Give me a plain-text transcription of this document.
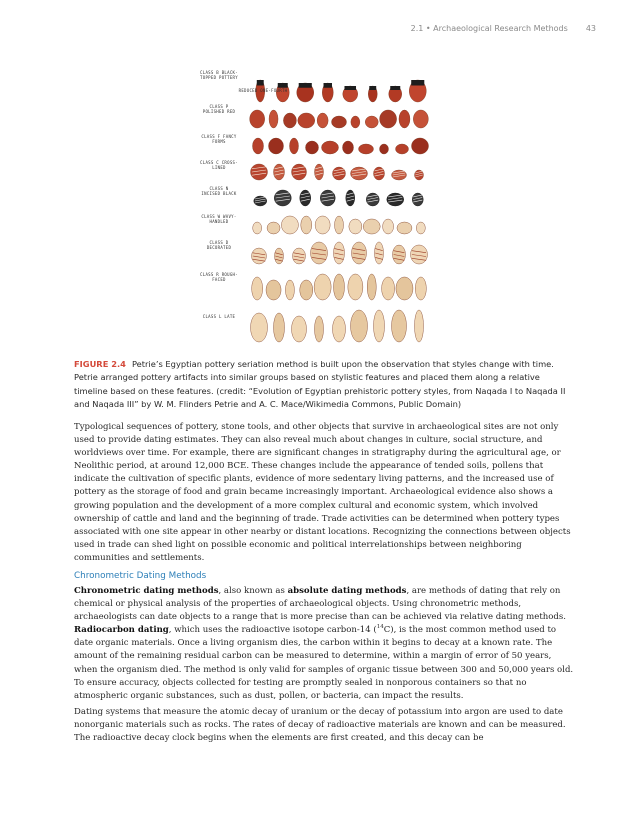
2.1 • Archaeological Research Methods 43
CLASS B BLACK-TOPPED POTTERY
REDUCED ONE-FOURTH
CLASS P POLISHED RED
CLASS F FANCY FORMS
CLASS C CROSS-LINED
CLASS N INCISED BLACK
CLASS W WAVY-HANDLED
CLASS D DECORATED
CLASS R ROUGH-FACED
CLASS L LATE
FIGURE 2.4 Petrie’s Egyptian pottery seriation method is built upon the observation that styles change with time. Petrie arranged pottery artifacts into similar groups based on stylistic features and placed them along a relative timeline based on these features. (credit: “Evolution of Egyptian prehistoric pottery styles, from Naqada I to Naqada II and Naqada III” by W. M. Flinders Petrie and A. C. Mace/Wikimedia Commons, Public Domain)
Typological sequences of pottery, stone tools, and other objects that survive in archaeological sites are not only used to provide dating estimates. They can also reveal much about changes in culture, social structure, and worldviews over time. For example, there are significant changes in stratigraphy during the agricultural age, or Neolithic period, at around 12,000 BCE. These changes include the appearance of tended soils, pollens that indicate the cultivation of specific plants, evidence of more sedentary living patterns, and the increased use of pottery as the storage of food and grain became increasingly important. Archaeological evidence also shows a growing population and the development of a more complex cultural and economic system, which involved ownership of cattle and land and the beginning of trade. Trade activities can be determined when pottery types associated with one site appear in other nearby or distant locations. Recognizing the connections between objects used in trade can shed light on possible economic and political interrelationships between neighboring communities and settlements.
Chronometric Dating Methods
Chronometric dating methods, also known as absolute dating methods, are methods of dating that rely on chemical or physical analysis of the properties of archaeological objects. Using chronometric methods, archaeologists can date objects to a range that is more precise than can be achieved via relative dating methods. Radiocarbon dating, which uses the radioactive isotope carbon-14 ($^{14}$C), is the most common method used to date organic materials. Once a living organism dies, the carbon within it begins to decay at a known rate. The amount of the remaining residual carbon can be measured to determine, within a margin of error of 50 years, when the organism died. The method is only valid for samples of organic tissue between 300 and 50,000 years old. To ensure accuracy, objects collected for testing are promptly sealed in nonporous containers so that no atmospheric organic substances, such as dust, pollen, or bacteria, can impact the results.
Dating systems that measure the atomic decay of uranium or the decay of potassium into argon are used to date nonorganic materials such as rocks. The rates of decay of radioactive materials are known and can be measured. The radioactive decay clock begins when the elements are first created, and this decay can be
